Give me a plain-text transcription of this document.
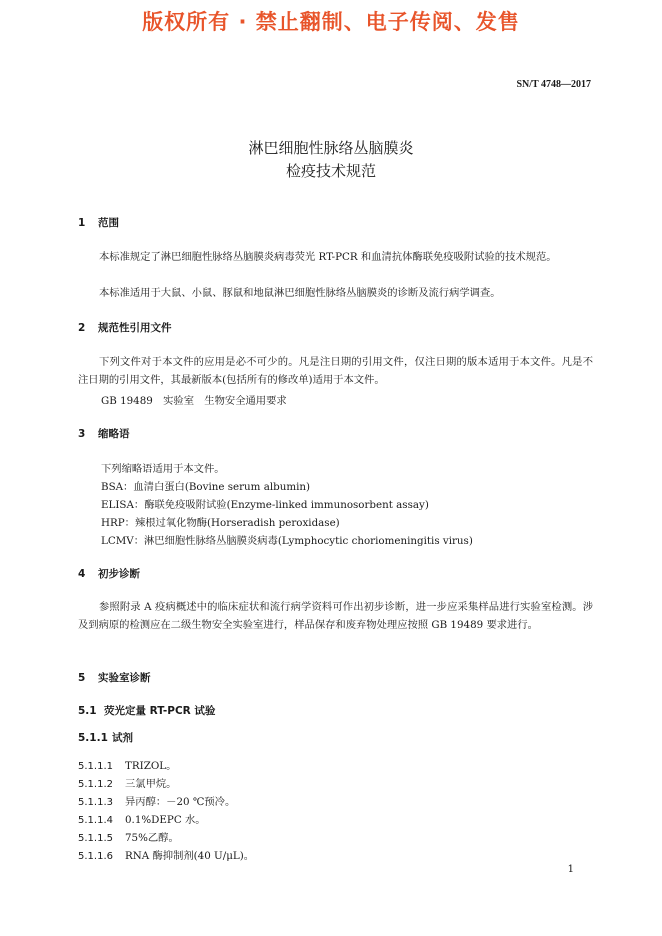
版权所有 · 禁止翻制、电子传阅、发售
SN/T 4748—2017
淋巴细胞性脉络丛脑膜炎
检疫技术规范
1 范围
本标准规定了淋巴细胞性脉络丛脑膜炎病毒荧光 RT-PCR 和血清抗体酶联免疫吸附试验的技术规范。
本标准适用于大鼠、小鼠、豚鼠和地鼠淋巴细胞性脉络丛脑膜炎的诊断及流行病学调查。
2 规范性引用文件
下列文件对于本文件的应用是必不可少的。凡是注日期的引用文件，仅注日期的版本适用于本文件。凡是不注日期的引用文件，其最新版本(包括所有的修改单)适用于本文件。
GB 19489　实验室　生物安全通用要求
3 缩略语
下列缩略语适用于本文件。
BSA：血清白蛋白(Bovine serum albumin)
ELISA：酶联免疫吸附试验(Enzyme-linked immunosorbent assay)
HRP：辣根过氧化物酶(Horseradish peroxidase)
LCMV：淋巴细胞性脉络丛脑膜炎病毒(Lymphocytic choriomeningitis virus)
4 初步诊断
参照附录 A 疫病概述中的临床症状和流行病学资料可作出初步诊断，进一步应采集样品进行实验室检测。涉及到病原的检测应在二级生物安全实验室进行，样品保存和废弃物处理应按照 GB 19489 要求进行。
5 实验室诊断
5.1 荧光定量 RT-PCR 试验
5.1.1 试剂
5.1.1.1 TRIZOL。
5.1.1.2 三氯甲烷。
5.1.1.3 异丙醇：－20 ℃预冷。
5.1.1.4 0.1%DEPC 水。
5.1.1.5 75%乙醇。
5.1.1.6 RNA 酶抑制剂(40 U/μL)。
1
